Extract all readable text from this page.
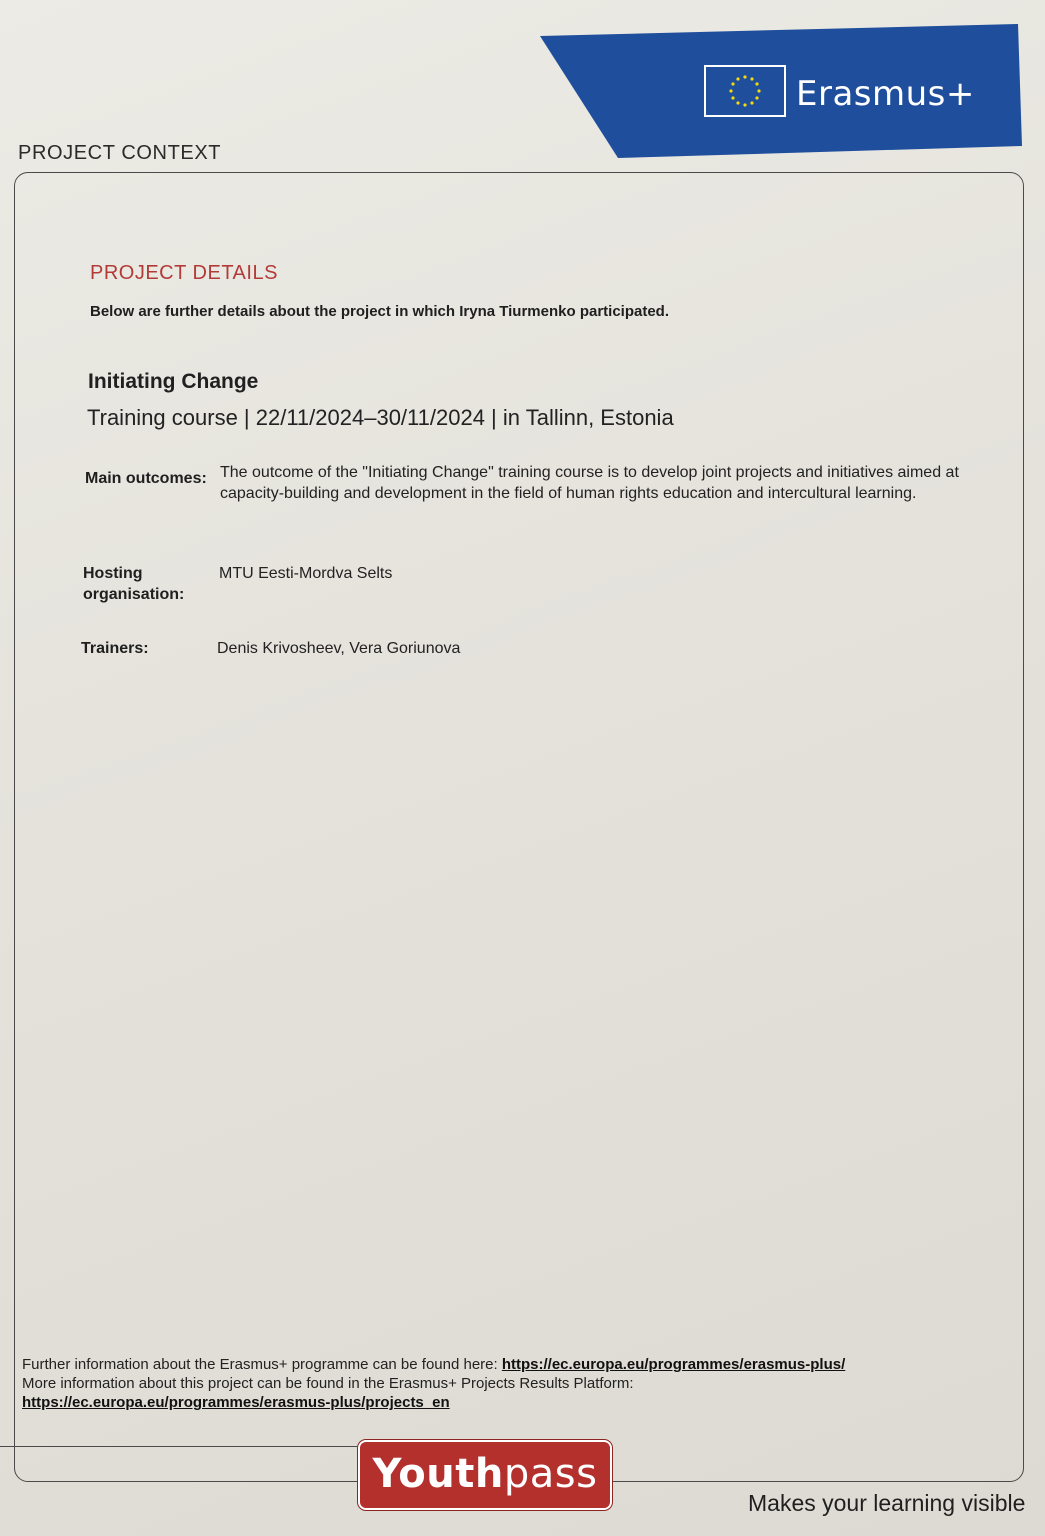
Erasmus+
PROJECT CONTEXT
PROJECT DETAILS
Below are further details about the project in which Iryna Tiurmenko participated.
Initiating Change
Training course | 22/11/2024–30/11/2024 | in Tallinn, Estonia
Main outcomes: The outcome of the "Initiating Change" training course is to develop joint projects and initiatives aimed at capacity-building and development in the field of human rights education and intercultural learning.
Hosting organisation:
MTU Eesti-Mordva Selts
Trainers:	Denis Krivosheev, Vera Goriunova
Further information about the Erasmus+ programme can be found here: https://ec.europa.eu/programmes/erasmus-plus/
More information about this project can be found in the Erasmus+ Projects Results Platform:
https://ec.europa.eu/programmes/erasmus-plus/projects_en
Youthpass
Makes your learning visible
